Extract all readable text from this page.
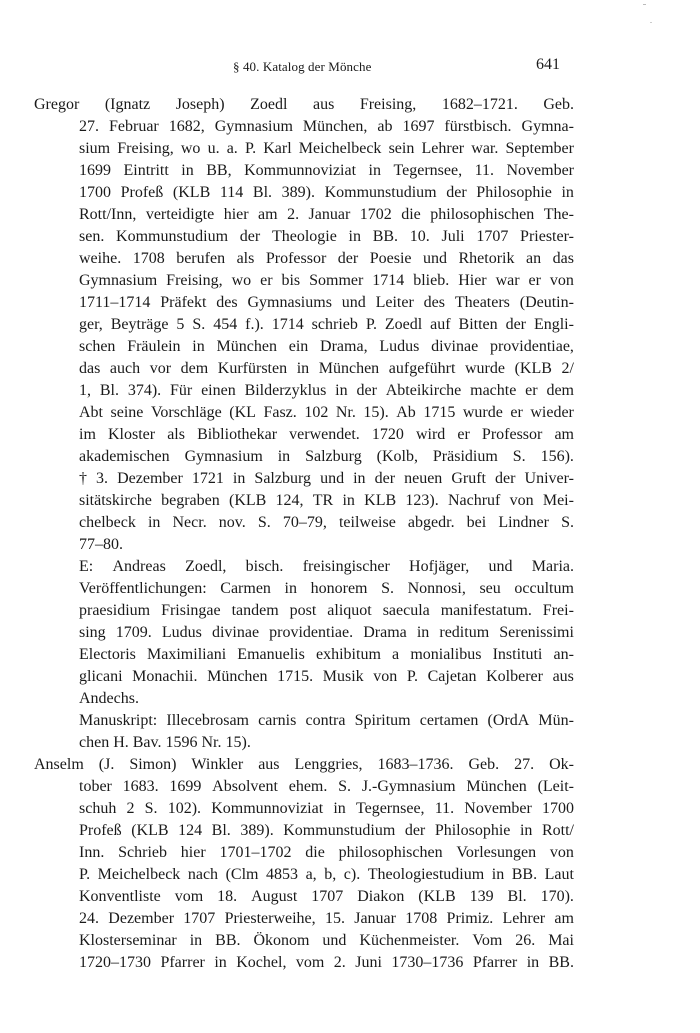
§ 40. Katalog der Mönche	641
Gregor (Ignatz Joseph) Zoedl aus Freising, 1682–1721. Geb.
27. Februar 1682, Gymnasium München, ab 1697 fürstbisch. Gymna-
sium Freising, wo u. a. P. Karl Meichelbeck sein Lehrer war. September
1699 Eintritt in BB, Kommunnoviziat in Tegernsee, 11. November
1700 Profeß (KLB 114 Bl. 389). Kommunstudium der Philosophie in
Rott/Inn, verteidigte hier am 2. Januar 1702 die philosophischen The-
sen. Kommunstudium der Theologie in BB. 10. Juli 1707 Priester-
weihe. 1708 berufen als Professor der Poesie und Rhetorik an das
Gymnasium Freising, wo er bis Sommer 1714 blieb. Hier war er von
1711–1714 Präfekt des Gymnasiums und Leiter des Theaters (Deutin-
ger, Beyträge 5 S. 454 f.). 1714 schrieb P. Zoedl auf Bitten der Engli-
schen Fräulein in München ein Drama, Ludus divinae providentiae,
das auch vor dem Kurfürsten in München aufgeführt wurde (KLB 2/
1, Bl. 374). Für einen Bilderzyklus in der Abteikirche machte er dem
Abt seine Vorschläge (KL Fasz. 102 Nr. 15). Ab 1715 wurde er wieder
im Kloster als Bibliothekar verwendet. 1720 wird er Professor am
akademischen Gymnasium in Salzburg (Kolb, Präsidium S. 156).
† 3. Dezember 1721 in Salzburg und in der neuen Gruft der Univer-
sitätskirche begraben (KLB 124, TR in KLB 123). Nachruf von Mei-
chelbeck in Necr. nov. S. 70–79, teilweise abgedr. bei Lindner S.
77–80.
E: Andreas Zoedl, bisch. freisingischer Hofjäger, und Maria.
Veröffentlichungen: Carmen in honorem S. Nonnosi, seu occultum
praesidium Frisingae tandem post aliquot saecula manifestatum. Frei-
sing 1709. Ludus divinae providentiae. Drama in reditum Serenissimi
Electoris Maximiliani Emanuelis exhibitum a monialibus Instituti an-
glicani Monachii. München 1715. Musik von P. Cajetan Kolberer aus
Andechs.
Manuskript: Illecebrosam carnis contra Spiritum certamen (OrdA Mün-
chen H. Bav. 1596 Nr. 15).
Anselm (J. Simon) Winkler aus Lenggries, 1683–1736. Geb. 27. Ok-
tober 1683. 1699 Absolvent ehem. S. J.-Gymnasium München (Leit-
schuh 2 S. 102). Kommunnoviziat in Tegernsee, 11. November 1700
Profeß (KLB 124 Bl. 389). Kommunstudium der Philosophie in Rott/
Inn. Schrieb hier 1701–1702 die philosophischen Vorlesungen von
P. Meichelbeck nach (Clm 4853 a, b, c). Theologiestudium in BB. Laut
Konventliste vom 18. August 1707 Diakon (KLB 139 Bl. 170).
24. Dezember 1707 Priesterweihe, 15. Januar 1708 Primiz. Lehrer am
Klosterseminar in BB. Ökonom und Küchenmeister. Vom 26. Mai
1720–1730 Pfarrer in Kochel, vom 2. Juni 1730–1736 Pfarrer in BB.
